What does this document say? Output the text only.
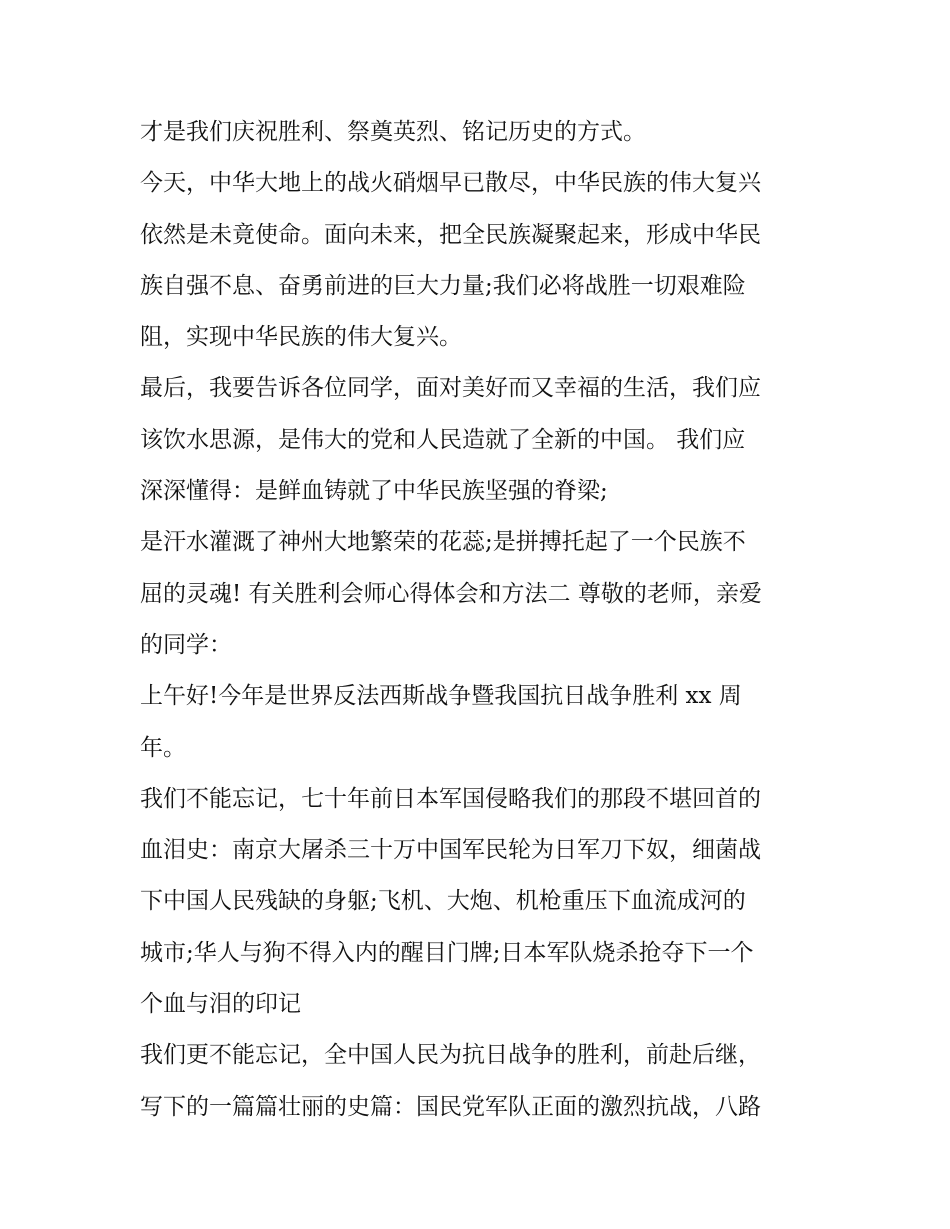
才是我们庆祝胜利、祭奠英烈、铭记历史的方式。
今天，中华大地上的战火硝烟早已散尽，中华民族的伟大复兴
依然是未竟使命。面向未来，把全民族凝聚起来，形成中华民
族自强不息、奋勇前进的巨大力量;我们必将战胜一切艰难险
阻，实现中华民族的伟大复兴。
最后，我要告诉各位同学，面对美好而又幸福的生活，我们应
该饮水思源，是伟大的党和人民造就了全新的中国。 我们应
深深懂得：是鲜血铸就了中华民族坚强的脊梁;
是汗水灌溉了神州大地繁荣的花蕊;是拼搏托起了一个民族不
屈的灵魂! 有关胜利会师心得体会和方法二 尊敬的老师，亲爱
的同学：
上午好!今年是世界反法西斯战争暨我国抗日战争胜利 xx 周
年。
我们不能忘记，七十年前日本军国侵略我们的那段不堪回首的
血泪史：南京大屠杀三十万中国军民轮为日军刀下奴，细菌战
下中国人民残缺的身躯;飞机、大炮、机枪重压下血流成河的
城市;华人与狗不得入内的醒目门牌;日本军队烧杀抢夺下一个
个血与泪的印记
我们更不能忘记，全中国人民为抗日战争的胜利，前赴后继，
写下的一篇篇壮丽的史篇：国民党军队正面的激烈抗战，八路
